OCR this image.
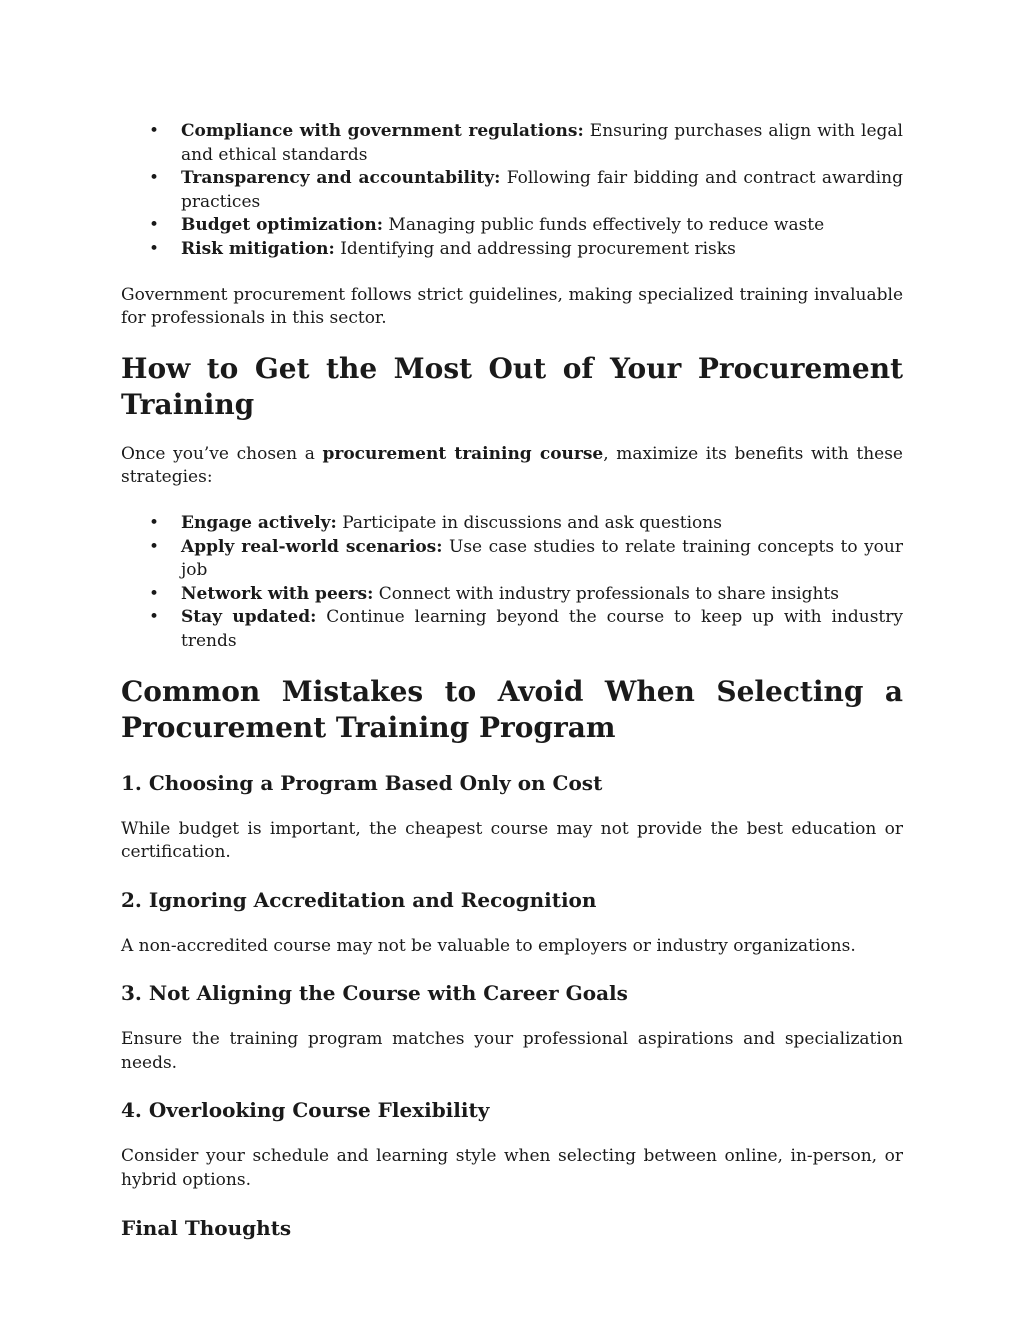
• Compliance with government regulations: Ensuring purchases align with legal and ethical standards
• Transparency and accountability: Following fair bidding and contract awarding practices
• Budget optimization: Managing public funds effectively to reduce waste
• Risk mitigation: Identifying and addressing procurement risks

Government procurement follows strict guidelines, making specialized training invaluable for professionals in this sector.

How to Get the Most Out of Your Procurement Training

Once you’ve chosen a procurement training course, maximize its benefits with these strategies:

• Engage actively: Participate in discussions and ask questions
• Apply real-world scenarios: Use case studies to relate training concepts to your job
• Network with peers: Connect with industry professionals to share insights
• Stay updated: Continue learning beyond the course to keep up with industry trends
Common Mistakes to Avoid When Selecting a Procurement Training Program
1. Choosing a Program Based Only on Cost

While budget is important, the cheapest course may not provide the best education or certification.

2. Ignoring Accreditation and Recognition

A non-accredited course may not be valuable to employers or industry organizations.

3. Not Aligning the Course with Career Goals

Ensure the training program matches your professional aspirations and specialization needs.

4. Overlooking Course Flexibility

Consider your schedule and learning style when selecting between online, in-person, or hybrid options.

Final Thoughts
